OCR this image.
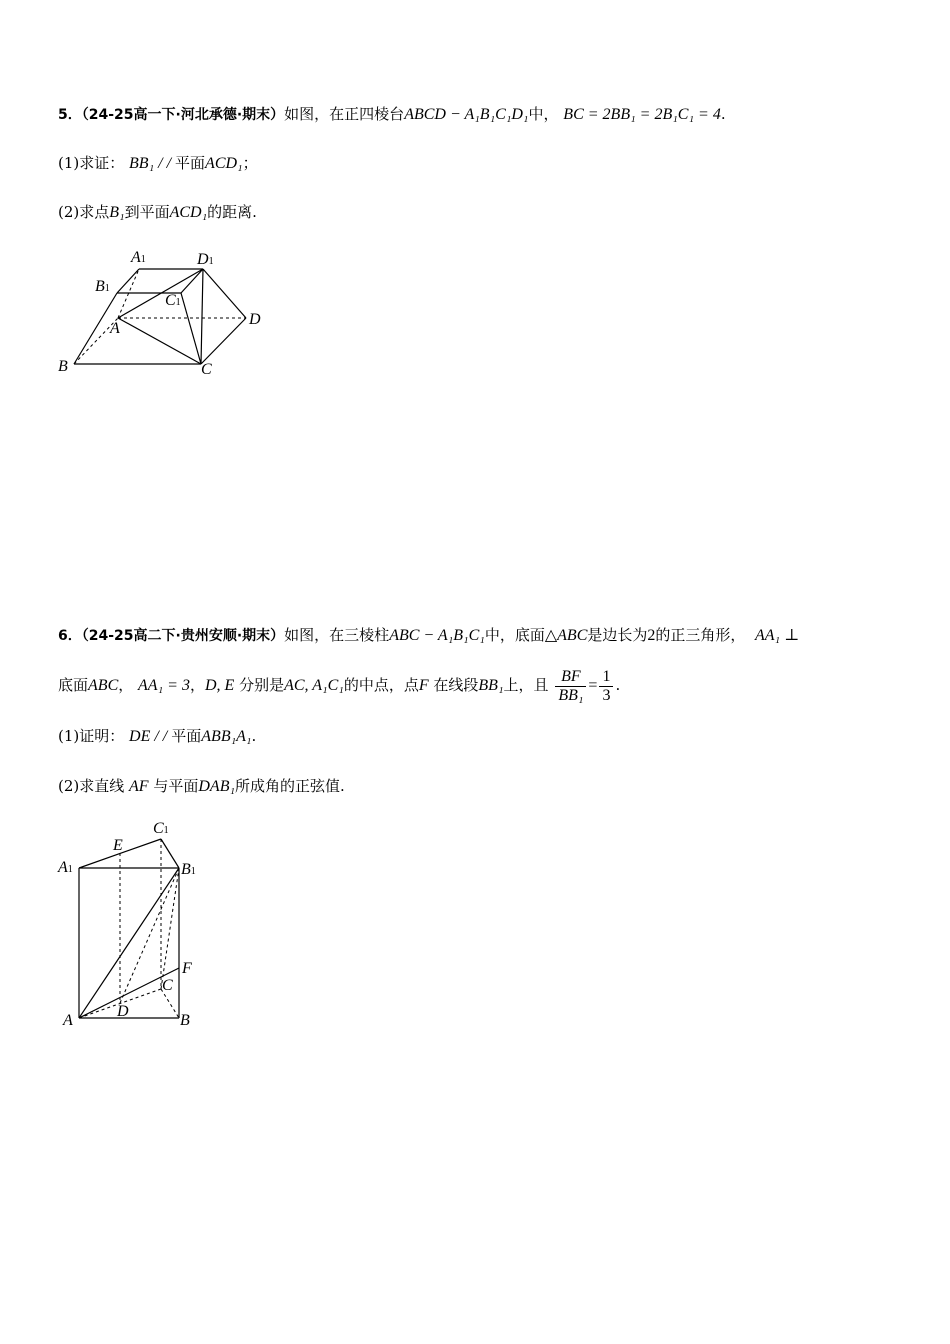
5．（24-25高一下·河北承德·期末）如图，在正四棱台ABCD − A₁B₁C₁D₁中， BC = 2BB₁ = 2B₁C₁ = 4.
(1)求证： BB₁ / / 平面ACD₁；
(2)求点B₁到平面ACD₁的距离.
A1	D1
B1
C1
A
D
B	C
6．（24-25高二下·贵州安顺·期末）如图，在三棱柱ABC − A₁B₁C₁中，底面△ABC是边长为2的正三角形， AA₁ ⊥
底面ABC， AA₁ = 3，D, E 分别是AC, A₁C₁的中点，点F 在线段BB₁上，且 $\frac{BF}{\text{BB₁}} = \frac{1}{3}$ .
(1)证明： DE / / 平面ABB₁A₁.
(2)求直线 AF 与平面DAB₁所成角的正弦值.
C1
E
A1	B1
F
C
D
A	B
